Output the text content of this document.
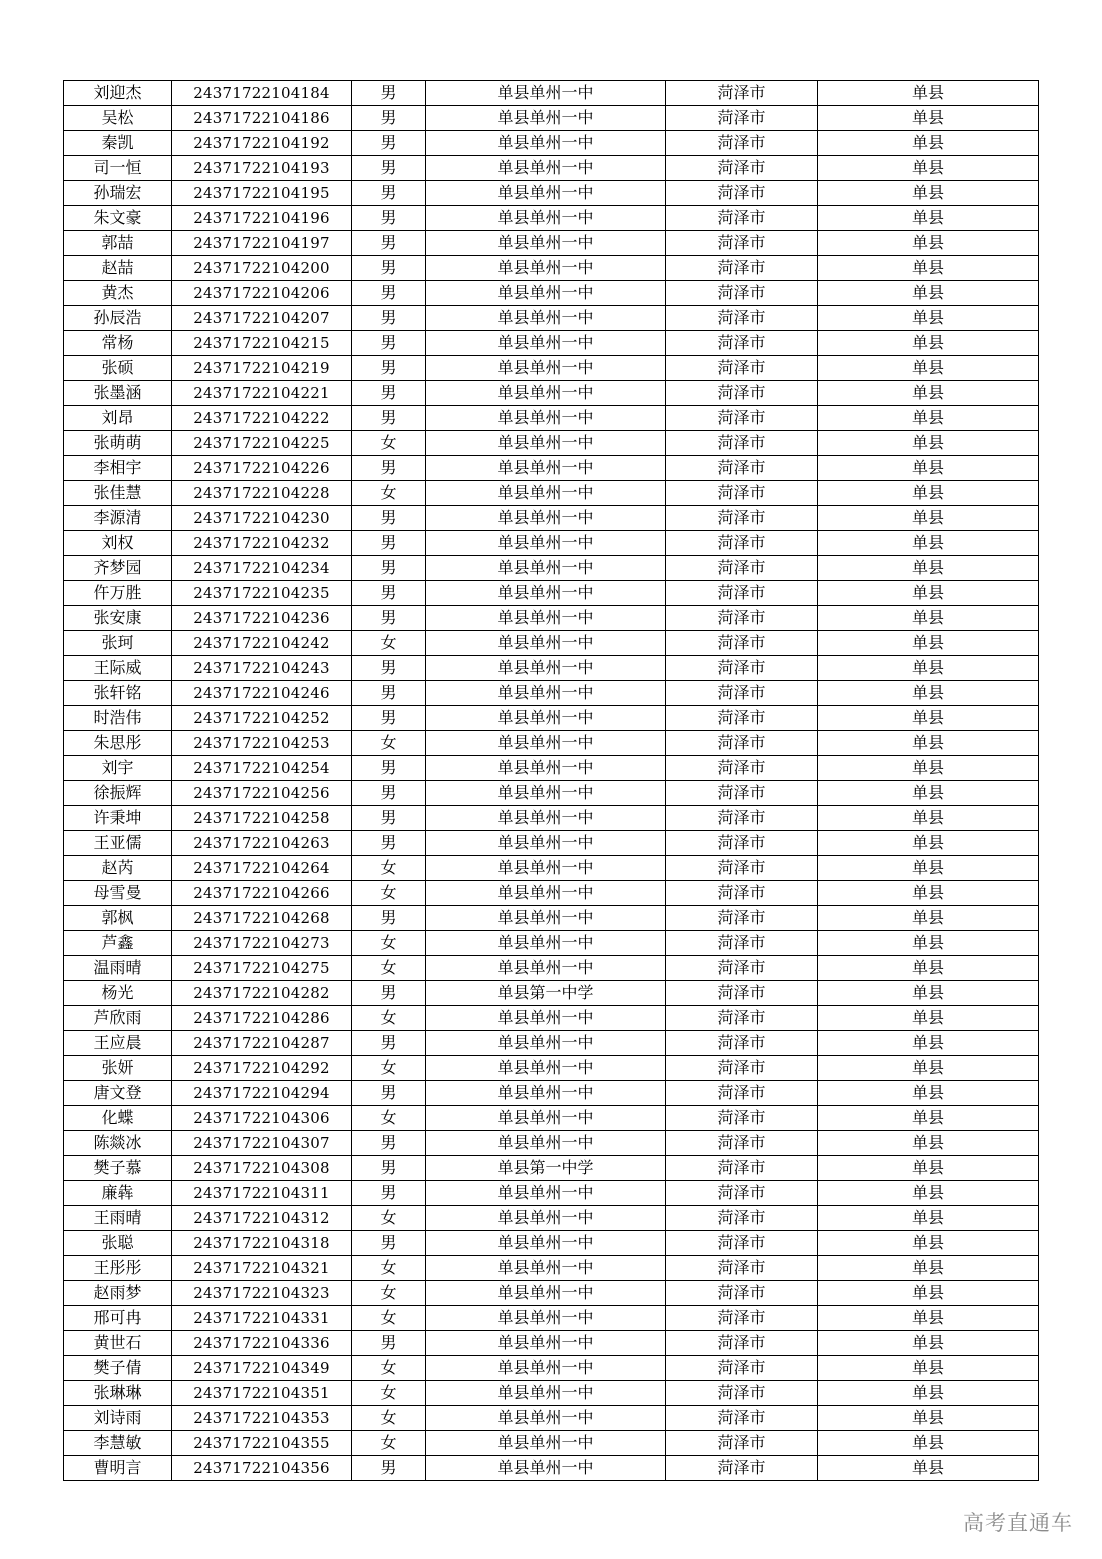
刘迎杰	24371722104184	男	单县单州一中	菏泽市	单县
吴松	24371722104186	男	单县单州一中	菏泽市	单县
秦凯	24371722104192	男	单县单州一中	菏泽市	单县
司一恒	24371722104193	男	单县单州一中	菏泽市	单县
孙瑞宏	24371722104195	男	单县单州一中	菏泽市	单县
朱文豪	24371722104196	男	单县单州一中	菏泽市	单县
郭喆	24371722104197	男	单县单州一中	菏泽市	单县
赵喆	24371722104200	男	单县单州一中	菏泽市	单县
黄杰	24371722104206	男	单县单州一中	菏泽市	单县
孙辰浩	24371722104207	男	单县单州一中	菏泽市	单县
常杨	24371722104215	男	单县单州一中	菏泽市	单县
张硕	24371722104219	男	单县单州一中	菏泽市	单县
张墨涵	24371722104221	男	单县单州一中	菏泽市	单县
刘昂	24371722104222	男	单县单州一中	菏泽市	单县
张萌萌	24371722104225	女	单县单州一中	菏泽市	单县
李相宇	24371722104226	男	单县单州一中	菏泽市	单县
张佳慧	24371722104228	女	单县单州一中	菏泽市	单县
李源清	24371722104230	男	单县单州一中	菏泽市	单县
刘权	24371722104232	男	单县单州一中	菏泽市	单县
齐梦园	24371722104234	男	单县单州一中	菏泽市	单县
仵万胜	24371722104235	男	单县单州一中	菏泽市	单县
张安康	24371722104236	男	单县单州一中	菏泽市	单县
张珂	24371722104242	女	单县单州一中	菏泽市	单县
王际威	24371722104243	男	单县单州一中	菏泽市	单县
张轩铭	24371722104246	男	单县单州一中	菏泽市	单县
时浩伟	24371722104252	男	单县单州一中	菏泽市	单县
朱思彤	24371722104253	女	单县单州一中	菏泽市	单县
刘宇	24371722104254	男	单县单州一中	菏泽市	单县
徐振辉	24371722104256	男	单县单州一中	菏泽市	单县
许秉坤	24371722104258	男	单县单州一中	菏泽市	单县
王亚儒	24371722104263	男	单县单州一中	菏泽市	单县
赵芮	24371722104264	女	单县单州一中	菏泽市	单县
母雪曼	24371722104266	女	单县单州一中	菏泽市	单县
郭枫	24371722104268	男	单县单州一中	菏泽市	单县
芦鑫	24371722104273	女	单县单州一中	菏泽市	单县
温雨晴	24371722104275	女	单县单州一中	菏泽市	单县
杨光	24371722104282	男	单县第一中学	菏泽市	单县
芦欣雨	24371722104286	女	单县单州一中	菏泽市	单县
王应晨	24371722104287	男	单县单州一中	菏泽市	单县
张妍	24371722104292	女	单县单州一中	菏泽市	单县
唐文登	24371722104294	男	单县单州一中	菏泽市	单县
化蝶	24371722104306	女	单县单州一中	菏泽市	单县
陈燚冰	24371722104307	男	单县单州一中	菏泽市	单县
樊子慕	24371722104308	男	单县第一中学	菏泽市	单县
廉犇	24371722104311	男	单县单州一中	菏泽市	单县
王雨晴	24371722104312	女	单县单州一中	菏泽市	单县
张聪	24371722104318	男	单县单州一中	菏泽市	单县
王彤彤	24371722104321	女	单县单州一中	菏泽市	单县
赵雨梦	24371722104323	女	单县单州一中	菏泽市	单县
邢可冉	24371722104331	女	单县单州一中	菏泽市	单县
黄世石	24371722104336	男	单县单州一中	菏泽市	单县
樊子倩	24371722104349	女	单县单州一中	菏泽市	单县
张琳琳	24371722104351	女	单县单州一中	菏泽市	单县
刘诗雨	24371722104353	女	单县单州一中	菏泽市	单县
李慧敏	24371722104355	女	单县单州一中	菏泽市	单县
曹明言	24371722104356	男	单县单州一中	菏泽市	单县
高考直通车
